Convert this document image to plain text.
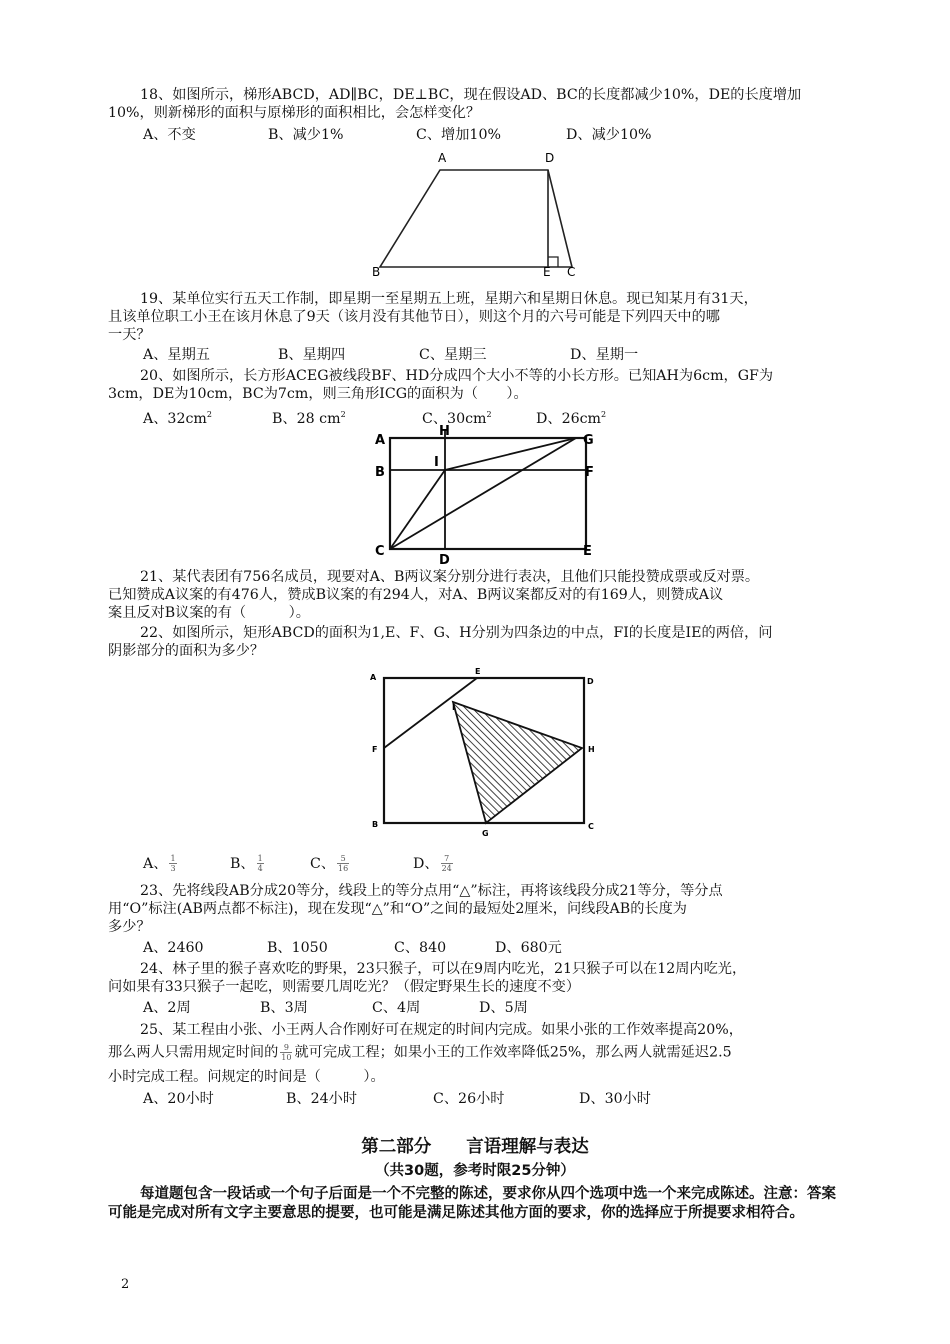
18、如图所示，梯形ABCD，AD∥BC，DE⊥BC，现在假设AD、BC的长度都减少10%，DE的长度增加
10%，则新梯形的面积与原梯形的面积相比，会怎样变化？
A、不变	B、减少1%	C、增加10%	D、减少10%
A	D
B	E C
19、某单位实行五天工作制，即星期一至星期五上班，星期六和星期日休息。现已知某月有31天，
且该单位职工小王在该月休息了9天（该月没有其他节日），则这个月的六号可能是下列四天中的哪
一天？
A、星期五	B、星期四	C、星期三	D、星期一
20、如图所示，长方形ACEG被线段BF、HD分成四个大小不等的小长方形。已知AH为6cm，GF为
3cm，DE为10cm，BC为7cm，则三角形ICG的面积为（　　）。
A、$32cm^2$	B、28 $cm^2$	C、$30cm^2$	D、$26cm^2$
A
H
G
B
I
F
C
D
E
21、某代表团有756名成员，现要对A、B两议案分别分进行表决，且他们只能投赞成票或反对票。
已知赞成A议案的有476人，赞成B议案的有294人，对A、B两议案都反对的有169人，则赞成A议
案且反对B议案的有（　　　）。
22、如图所示，矩形ABCD的面积为1,E、F、G、H分别为四条边的中点，FI的长度是IE的两倍，问
阴影部分的面积为多少？
A
E
D
I
F	H
B
G
C
A、 $\frac{1}{3}$	B、 $\frac{1}{4}$	C、 $\frac{5}{16}$	D、 $\frac{7}{24}$
23、先将线段AB分成20等分，线段上的等分点用“△”标注，再将该线段分成21等分，等分点
用“O”标注(AB两点都不标注)，现在发现“△”和“O”之间的最短处2厘米，问线段AB的长度为
多少？
A、2460	B、1050	C、840	D、680元
24、林子里的猴子喜欢吃的野果，23只猴子，可以在9周内吃光，21只猴子可以在12周内吃光，
问如果有33只猴子一起吃，则需要几周吃光？（假定野果生长的速度不变）
A、2周	B、3周	C、4周	D、5周
25、某工程由小张、小王两人合作刚好可在规定的时间内完成。如果小张的工作效率提高20%，
那么两人只需用规定时间的 $\frac{9}{10}$ 就可完成工程；如果小王的工作效率降低25%，那么两人就需延迟2.5
小时完成工程。问规定的时间是（　　　）。
A、20小时	B、24小时	C、26小时	D、30小时
第二部分　　言语理解与表达
（共30题，参考时限25分钟）
每道题包含一段话或一个句子后面是一个不完整的陈述，要求你从四个选项中选一个来完成陈述。注意：答案可能是完成对所有文字主要意思的提要，也可能是满足陈述其他方面的要求，你的选择应于所提要求相符合。
2
